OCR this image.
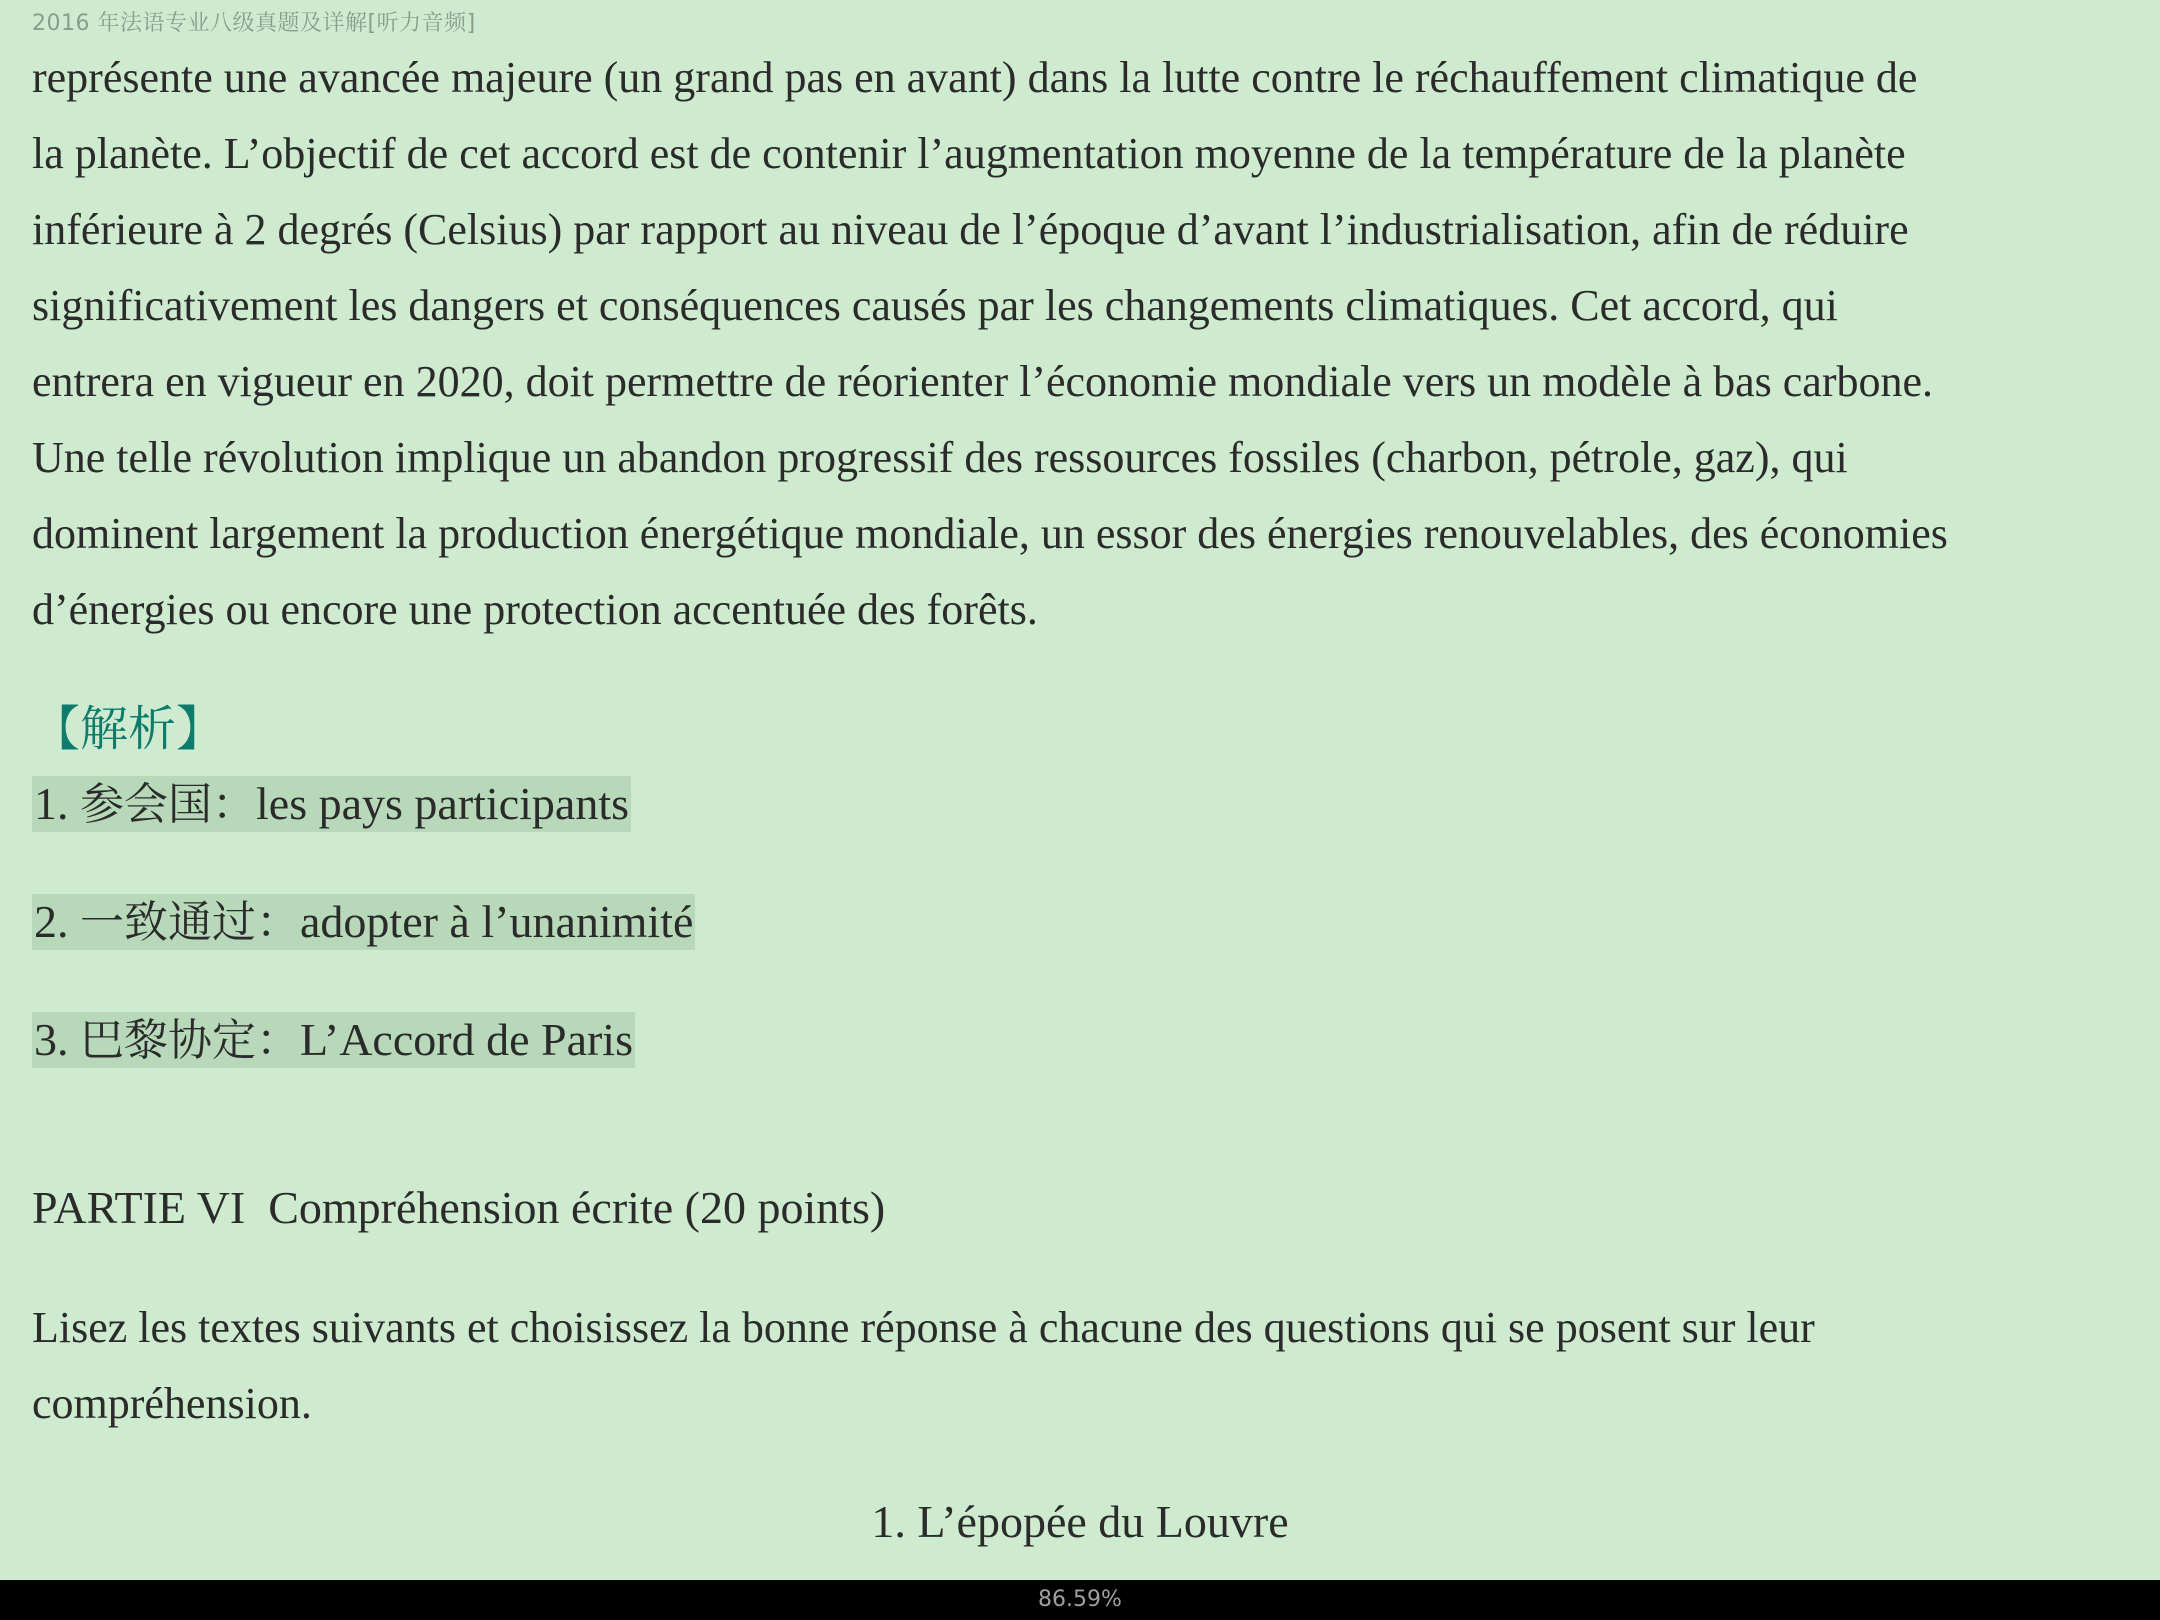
2016 年法语专业八级真题及详解[听力音频]

représente une avancée majeure (un grand pas en avant) dans la lutte contre le réchauffement climatique de
la planète. L’objectif de cet accord est de contenir l’augmentation moyenne de la température de la planète
inférieure à 2 degrés (Celsius) par rapport au niveau de l’époque d’avant l’industrialisation, afin de réduire
significativement les dangers et conséquences causés par les changements climatiques. Cet accord, qui
entrera en vigueur en 2020, doit permettre de réorienter l’économie mondiale vers un modèle à bas carbone.
Une telle révolution implique un abandon progressif des ressources fossiles (charbon, pétrole, gaz), qui
dominent largement la production énergétique mondiale, un essor des énergies renouvelables, des économies
d’énergies ou encore une protection accentuée des forêts.

【解析】
1. 参会国：les pays participants
2. 一致通过：adopter à l’unanimité
3. 巴黎协定：L’Accord de Paris
PARTIE VI  Compréhension écrite (20 points)

Lisez les textes suivants et choisissez la bonne réponse à chacune des questions qui se posent sur leur
compréhension.

1. L’épopée du Louvre
86.59%
